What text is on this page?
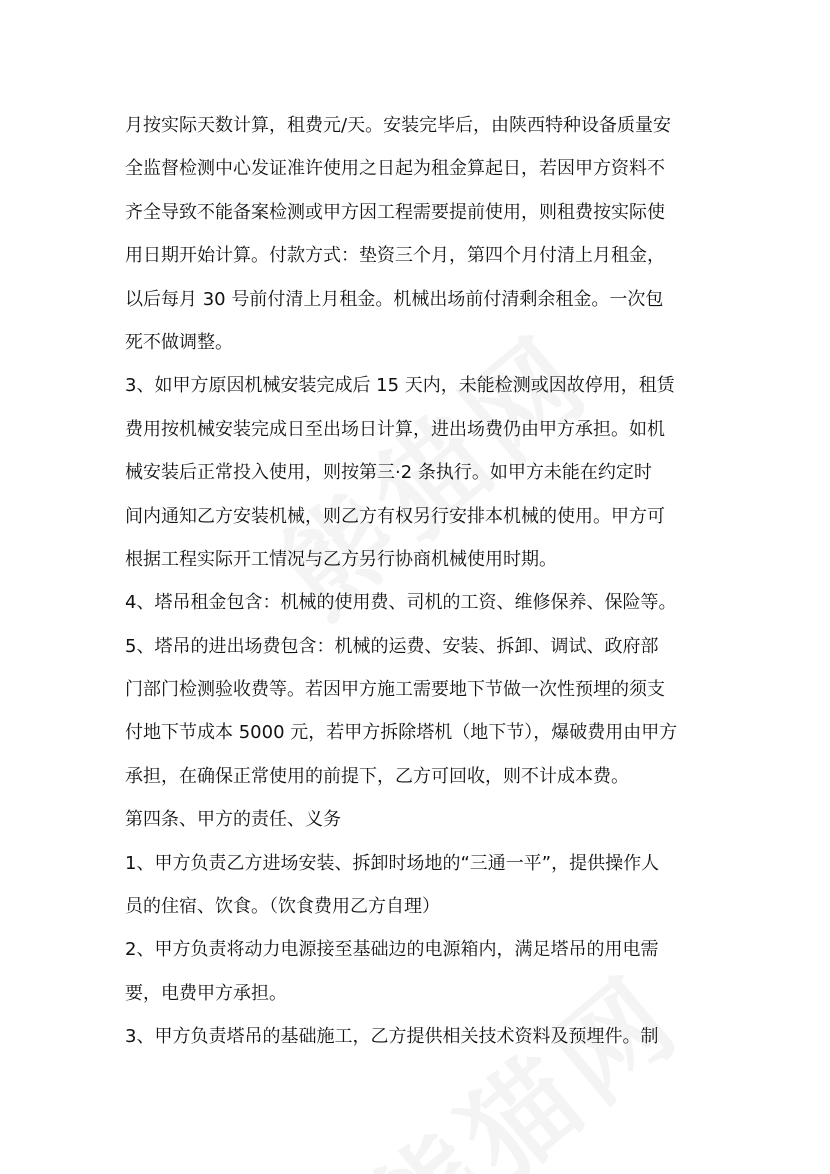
月按实际天数计算，租费元/天。安装完毕后，由陕西特种设备质量安
全监督检测中心发证准许使用之日起为租金算起日，若因甲方资料不
齐全导致不能备案检测或甲方因工程需要提前使用，则租费按实际使
用日期开始计算。付款方式：垫资三个月，第四个月付清上月租金，
以后每月 30 号前付清上月租金。机械出场前付清剩余租金。一次包
死不做调整。
3、如甲方原因机械安装完成后 15 天内，未能检测或因故停用，租赁
费用按机械安装完成日至出场日计算，进出场费仍由甲方承担。如机
械安装后正常投入使用，则按第三·2 条执行。如甲方未能在约定时
间内通知乙方安装机械，则乙方有权另行安排本机械的使用。甲方可
根据工程实际开工情况与乙方另行协商机械使用时期。
4、塔吊租金包含：机械的使用费、司机的工资、维修保养、保险等。
5、塔吊的进出场费包含：机械的运费、安装、拆卸、调试、政府部
门部门检测验收费等。若因甲方施工需要地下节做一次性预埋的须支
付地下节成本 5000 元，若甲方拆除塔机（地下节），爆破费用由甲方
承担，在确保正常使用的前提下，乙方可回收，则不计成本费。
第四条、甲方的责任、义务
1、甲方负责乙方进场安装、拆卸时场地的“三通一平”，提供操作人
员的住宿、饮食。（饮食费用乙方自理）
2、甲方负责将动力电源接至基础边的电源箱内，满足塔吊的用电需
要，电费甲方承担。
3、甲方负责塔吊的基础施工，乙方提供相关技术资料及预埋件。制
